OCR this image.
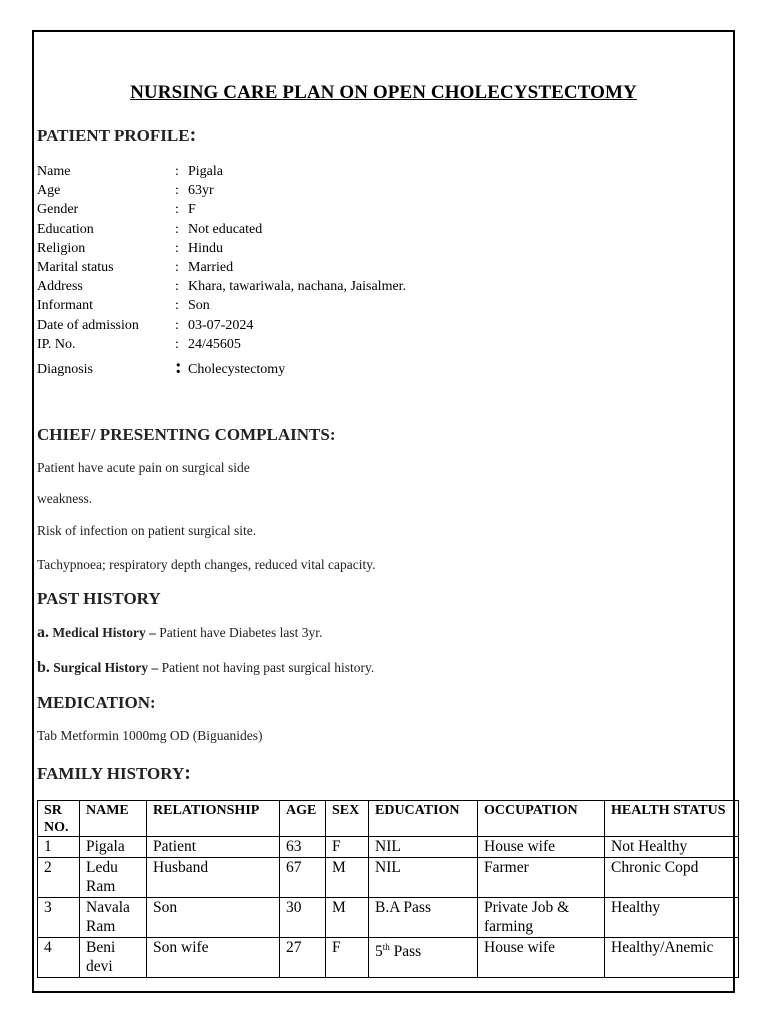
NURSING CARE PLAN ON OPEN CHOLECYSTECTOMY
PATIENT PROFILE:
Name	: Pigala
Age	: 63yr
Gender	: F
Education	: Not educated
Religion	: Hindu
Marital status	: Married
Address	: Khara, tawariwala, nachana, Jaisalmer.
Informant	: Son
Date of admission	: 03-07-2024
IP. No.	: 24/45605
Diagnosis	: Cholecystectomy
CHIEF/ PRESENTING COMPLAINTS:
Patient have acute pain on surgical side
weakness.
Risk of infection on patient surgical site.
Tachypnoea; respiratory depth changes, reduced vital capacity.
PAST HISTORY
a. Medical History – Patient have Diabetes last 3yr.
b. Surgical History – Patient not having past surgical history.
MEDICATION:
Tab Metformin 1000mg OD (Biguanides)
FAMILY HISTORY:
SR NO.	NAME	RELATIONSHIP	AGE	SEX	EDUCATION	OCCUPATION	HEALTH STATUS
1	Pigala	Patient	63	F	NIL	House wife	Not Healthy
2	Ledu Ram	Husband	67	M	NIL	Farmer	Chronic Copd
3	Navala Ram	Son	30	M	B.A Pass	Private Job & farming	Healthy
4	Beni devi	Son wife	27	F	5th Pass	House wife	Healthy/Anemic
